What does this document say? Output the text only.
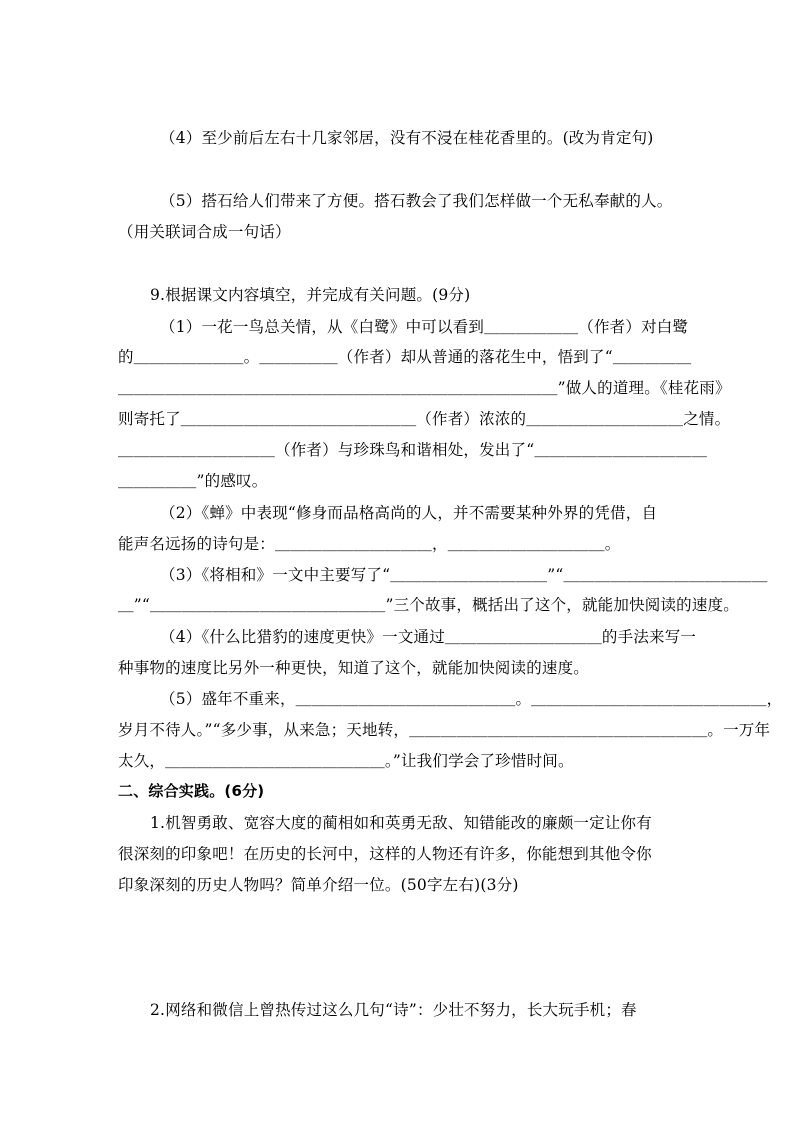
（4）至少前后左右十几家邻居，没有不浸在桂花香里的。(改为肯定句)
（5）搭石给人们带来了方便。搭石教会了我们怎样做一个无私奉献的人。
（用关联词合成一句话）
9.根据课文内容填空，并完成有关问题。(9分)
（1）一花一鸟总关情，从《白鹭》中可以看到＿＿＿＿＿＿（作者）对白鹭
的＿＿＿＿＿＿＿。＿＿＿＿＿（作者）却从普通的落花生中，悟到了“＿＿＿＿＿
＿＿＿＿＿＿＿＿＿＿＿＿＿＿＿＿＿＿＿＿＿＿＿＿＿＿＿＿”做人的道理。《桂花雨》
则寄托了＿＿＿＿＿＿＿＿＿＿＿＿＿＿＿（作者）浓浓的＿＿＿＿＿＿＿＿＿＿之情。
＿＿＿＿＿＿＿＿＿＿（作者）与珍珠鸟和谐相处，发出了“＿＿＿＿＿＿＿＿＿＿＿
＿＿＿＿＿”的感叹。
（2）《蝉》中表现“修身而品格高尚的人，并不需要某种外界的凭借，自
能声名远扬的诗句是：＿＿＿＿＿＿＿＿＿＿，＿＿＿＿＿＿＿＿＿＿。
（3）《将相和》一文中主要写了“＿＿＿＿＿＿＿＿＿＿”“＿＿＿＿＿＿＿＿＿＿＿＿＿
＿”“＿＿＿＿＿＿＿＿＿＿＿＿＿＿＿”三个故事，概括出了这个，就能加快阅读的速度。
（4）《什么比猎豹的速度更快》一文通过＿＿＿＿＿＿＿＿＿＿的手法来写一
种事物的速度比另外一种更快，知道了这个，就能加快阅读的速度。
（5）盛年不重来，＿＿＿＿＿＿＿＿＿＿＿＿＿＿。＿＿＿＿＿＿＿＿＿＿＿＿＿＿＿，
岁月不待人。”“多少事，从来急；天地转，＿＿＿＿＿＿＿＿＿＿＿＿＿＿＿＿＿＿＿。一万年
太久，＿＿＿＿＿＿＿＿＿＿＿＿＿＿。”让我们学会了珍惜时间。
二、综合实践。(6分)
1.机智勇敢、宽容大度的蔺相如和英勇无敌、知错能改的廉颇一定让你有
很深刻的印象吧！在历史的长河中，这样的人物还有许多，你能想到其他令你
印象深刻的历史人物吗？简单介绍一位。(50字左右)(3分)
2.网络和微信上曾热传过这么几句“诗”：少壮不努力，长大玩手机；春
